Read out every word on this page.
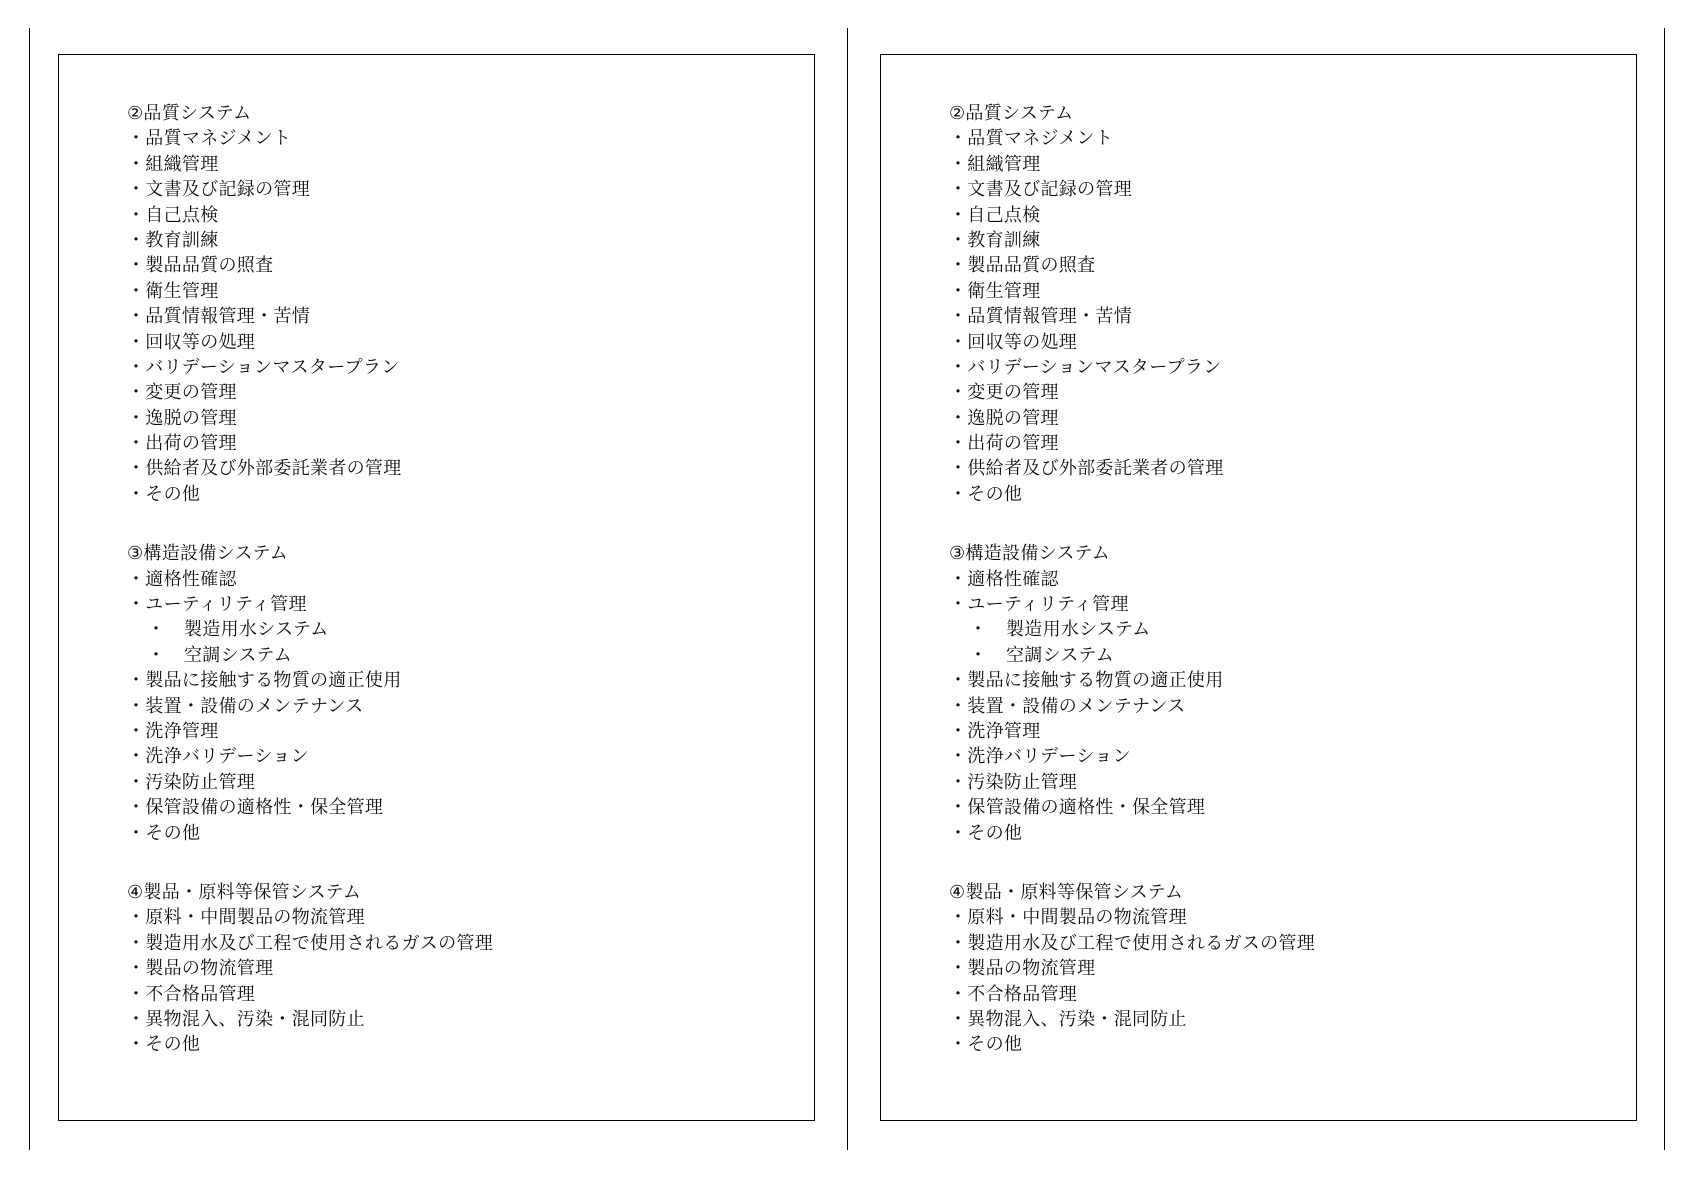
②品質システム
・品質マネジメント
・組織管理
・文書及び記録の管理
・自己点検
・教育訓練
・製品品質の照査
・衛生管理
・品質情報管理・苦情
・回収等の処理
・バリデーションマスタープラン
・変更の管理
・逸脱の管理
・出荷の管理
・供給者及び外部委託業者の管理
・その他
③構造設備システム
・適格性確認
・ユーティリティ管理
・ 製造用水システム
・ 空調システム
・製品に接触する物質の適正使用
・装置・設備のメンテナンス
・洗浄管理
・洗浄バリデーション
・汚染防止管理
・保管設備の適格性・保全管理
・その他
④製品・原料等保管システム
・原料・中間製品の物流管理
・製造用水及び工程で使用されるガスの管理
・製品の物流管理
・不合格品管理
・異物混入、汚染・混同防止
・その他
②品質システム
・品質マネジメント
・組織管理
・文書及び記録の管理
・自己点検
・教育訓練
・製品品質の照査
・衛生管理
・品質情報管理・苦情
・回収等の処理
・バリデーションマスタープラン
・変更の管理
・逸脱の管理
・出荷の管理
・供給者及び外部委託業者の管理
・その他
③構造設備システム
・適格性確認
・ユーティリティ管理
・ 製造用水システム
・ 空調システム
・製品に接触する物質の適正使用
・装置・設備のメンテナンス
・洗浄管理
・洗浄バリデーション
・汚染防止管理
・保管設備の適格性・保全管理
・その他
④製品・原料等保管システム
・原料・中間製品の物流管理
・製造用水及び工程で使用されるガスの管理
・製品の物流管理
・不合格品管理
・異物混入、汚染・混同防止
・その他
